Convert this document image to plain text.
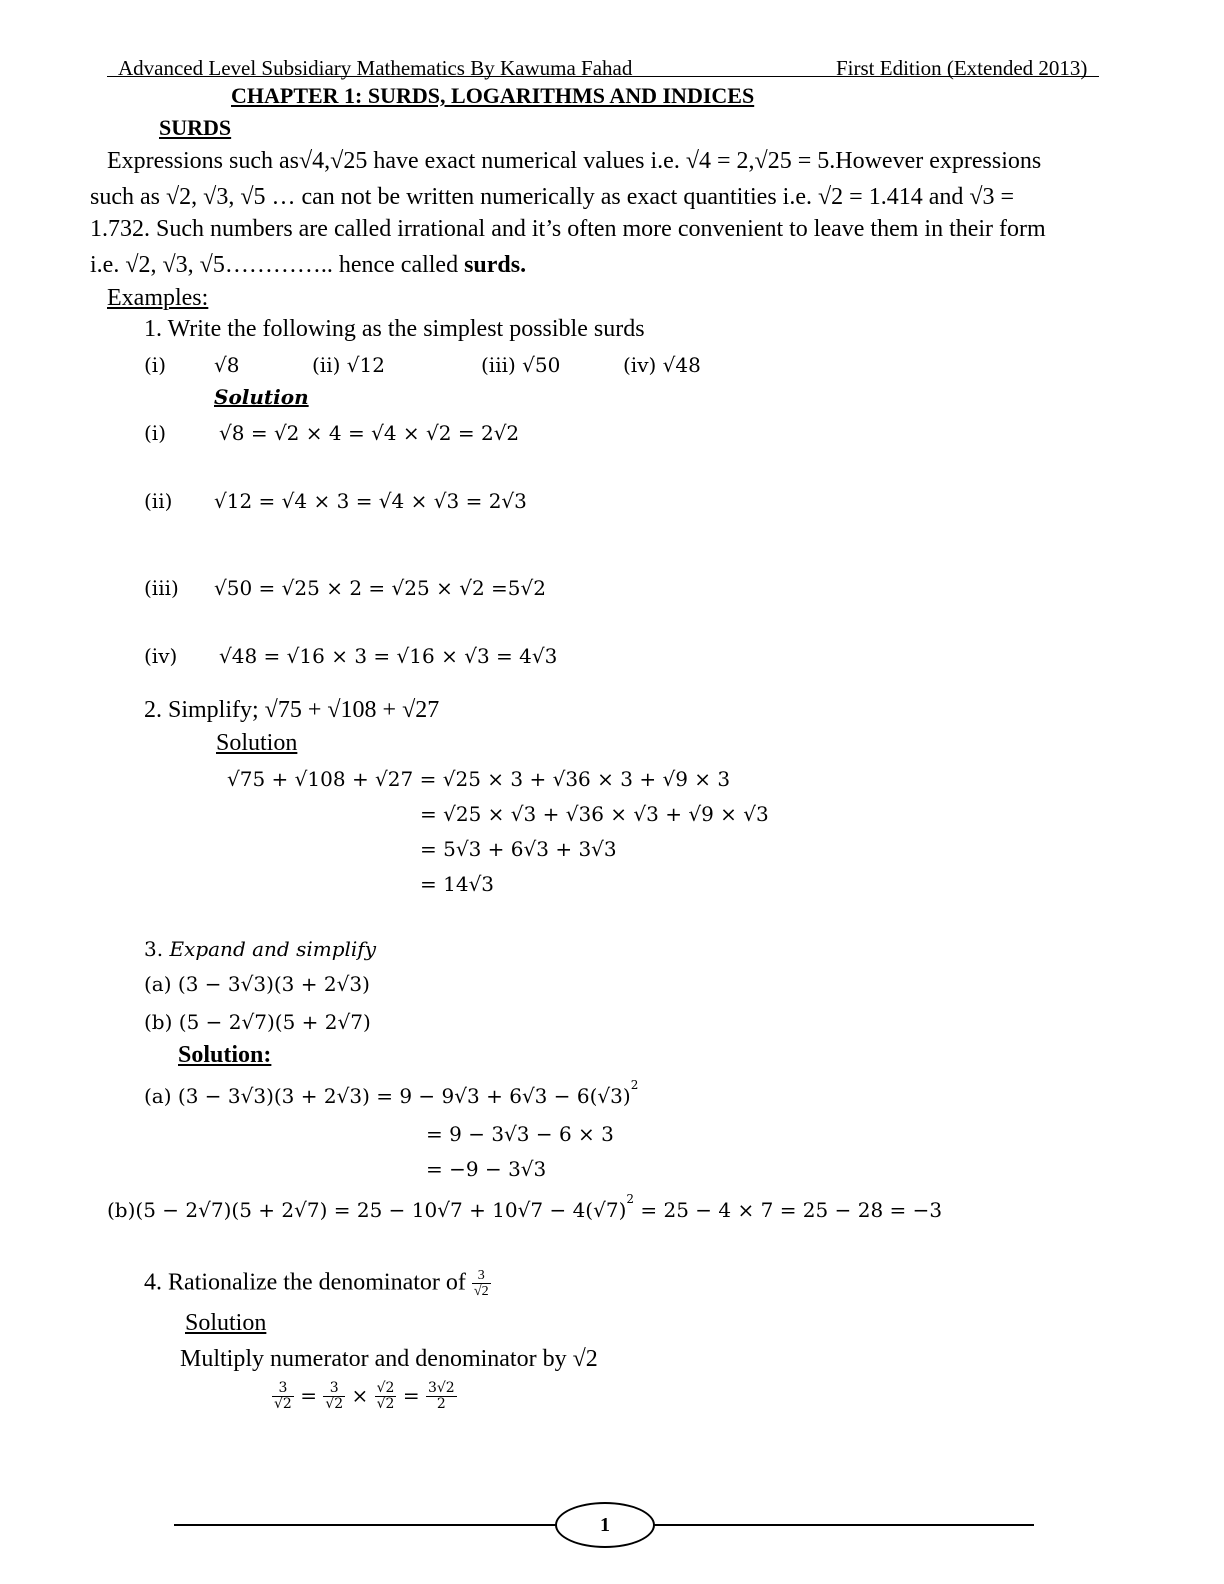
Advanced Level Subsidiary Mathematics By Kawuma Fahad	First Edition (Extended 2013)
CHAPTER 1: SURDS, LOGARITHMS AND INDICES
SURDS
Expressions such as√4,√25 have exact numerical values i.e. √4 = 2,√25 = 5.However expressions
such as √2, √3, √5 … can not be written numerically as exact quantities i.e. √2 = 1.414 and √3 =
1.732. Such numbers are called irrational and it’s often more convenient to leave them in their form
i.e. √2, √3, √5………….. hence called surds.
Examples:
1. Write the following as the simplest possible surds
(i) √8	(ii) √12	(iii) √50	(iv) √48
Solution
(i)	√8 = √2 × 4 = √4 × √2 = 2√2
(ii) √12 = √4 × 3 = √4 × √3 = 2√3
(iii) √50 = √25 × 2 = √25 × √2 =5√2
(iv) √48 = √16 × 3 = √16 × √3 = 4√3
2. Simplify; √75 + √108 + √27
Solution
√75 + √108 + √27 = √25 × 3 + √36 × 3 + √9 × 3
= √25 × √3 + √36 × √3 + √9 × √3
= 5√3 + 6√3 + 3√3
= 14√3
3. Expand and simplify
(a) (3 − 3√3)(3 + 2√3)
(b) (5 − 2√7)(5 + 2√7)
Solution:
(a) $(3 - 3√3)(3 + 2√3) = 9 - 9√3 + 6√3 - 6(√3)^2$
= 9 − 3√3 − 6 × 3
= −9 − 3√3
$(b)(5 - 2√7)(5 + 2√7) = 25 - 10√7 + 10√7 - 4(√7)^2 = 25 - 4 \times 7 = 25 - 28 = -3$
4. Rationalize the denominator of $\frac{3}{√2}$
Solution
Multiply numerator and denominator by √2
$\frac{3}{√2} = \frac{3}{√2} \times \frac{√2}{√2} = \frac{3√2}{2}$
1
